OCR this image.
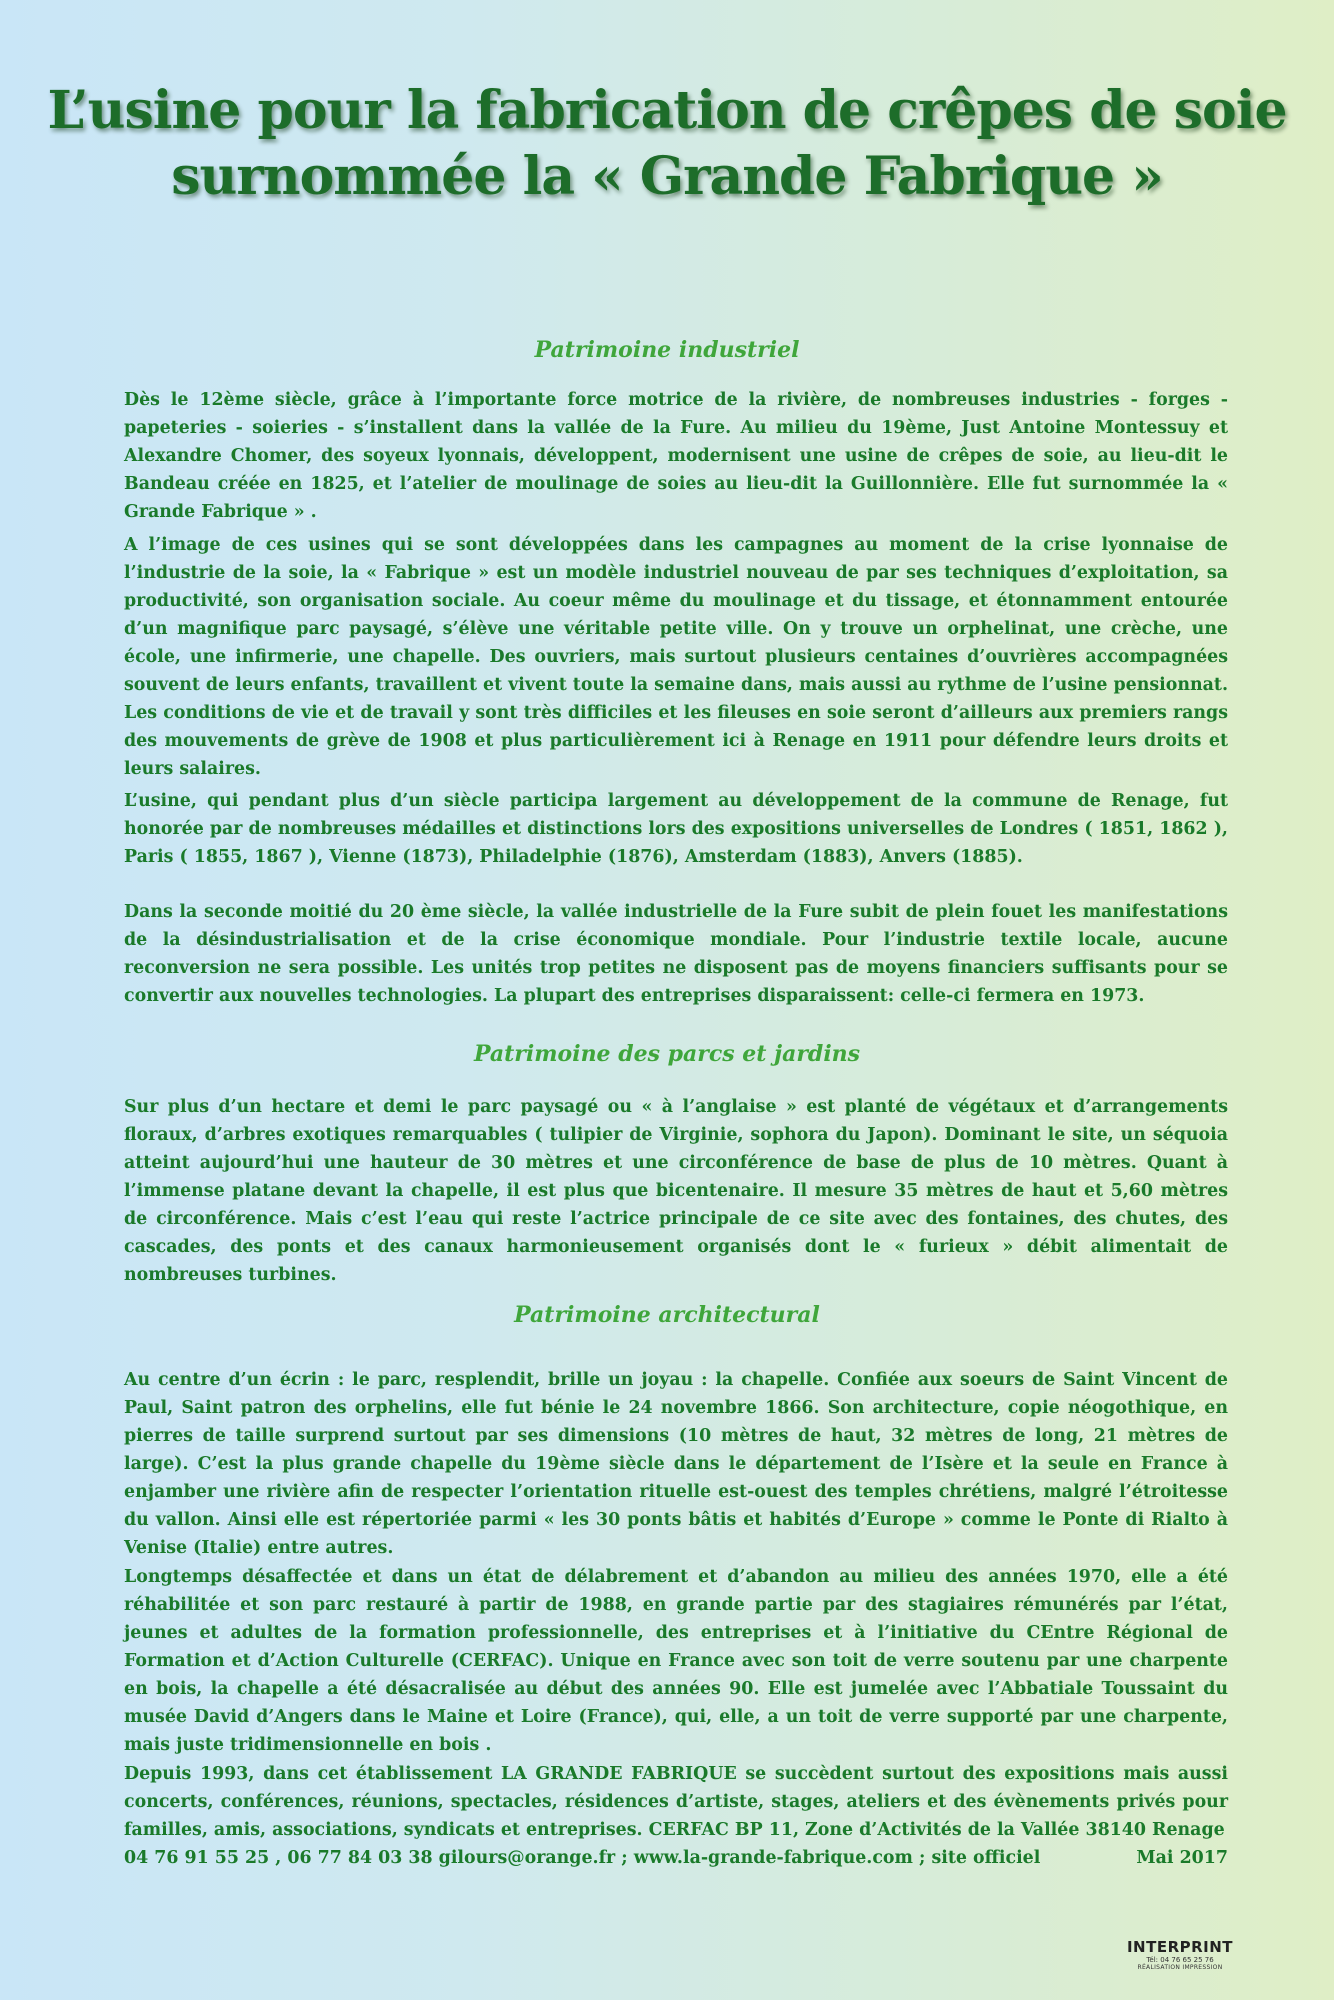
L’usine pour la fabrication de crêpes de soie
surnommée la « Grande Fabrique »
Patrimoine industriel

Dès le 12ème siècle, grâce à l’importante force motrice de la rivière, de nombreuses industries - forges - papeteries - soieries - s’installent dans la vallée de la Fure. Au milieu du 19ème, Just Antoine Montessuy et Alexandre Chomer, des soyeux lyonnais, développent, modernisent une usine de crêpes de soie, au lieu-dit le Bandeau créée en 1825, et l’atelier de moulinage de soies au lieu-dit la Guillonnière. Elle fut surnommée la « Grande Fabrique » .

A l’image de ces usines qui se sont développées dans les campagnes au moment de la crise lyonnaise de l’industrie de la soie, la « Fabrique » est un modèle industriel nouveau de par ses techniques d’exploitation, sa productivité, son organisation sociale. Au coeur même du moulinage et du tissage, et étonnamment entourée d’un magnifique parc paysagé, s’élève une véritable petite ville. On y trouve un orphelinat, une crèche, une école, une infirmerie, une chapelle. Des ouvriers, mais surtout plusieurs centaines d’ouvrières accompagnées souvent de leurs enfants, travaillent et vivent toute la semaine dans, mais aussi au rythme de l’usine pensionnat. Les conditions de vie et de travail y sont très difficiles et les fileuses en soie seront d’ailleurs aux premiers rangs des mouvements de grève de 1908 et plus particulièrement ici à Renage en 1911 pour défendre leurs droits et leurs salaires.

L’usine, qui pendant plus d’un siècle participa largement au développement de la commune de Renage, fut honorée par de nombreuses médailles et distinctions lors des expositions universelles de Londres ( 1851, 1862 ), Paris ( 1855, 1867 ), Vienne (1873), Philadelphie (1876), Amsterdam (1883), Anvers (1885).

Dans la seconde moitié du 20 ème siècle, la vallée industrielle de la Fure subit de plein fouet les manifestations de la désindustrialisation et de la crise économique mondiale. Pour l’industrie textile locale, aucune reconversion ne sera possible. Les unités trop petites ne disposent pas de moyens financiers suffisants pour se convertir aux nouvelles technologies. La plupart des entreprises disparaissent: celle-ci fermera en 1973.

Patrimoine des parcs et jardins

Sur plus d’un hectare et demi le parc paysagé ou « à l’anglaise » est planté de végétaux et d’arrangements floraux, d’arbres exotiques remarquables ( tulipier de Virginie, sophora du Japon). Dominant le site, un séquoia atteint aujourd’hui une hauteur de 30 mètres et une circonférence de base de plus de 10 mètres. Quant à l’immense platane devant la chapelle, il est plus que bicentenaire. Il mesure 35 mètres de haut et 5,60 mètres de circonférence. Mais c’est l’eau qui reste l’actrice principale de ce site avec des fontaines, des chutes, des cascades, des ponts et des canaux harmonieusement organisés dont le « furieux » débit alimentait de nombreuses turbines.

Patrimoine architectural

Au centre d’un écrin : le parc, resplendit, brille un joyau : la chapelle. Confiée aux soeurs de Saint Vincent de Paul, Saint patron des orphelins, elle fut bénie le 24 novembre 1866. Son architecture, copie néogothique, en pierres de taille surprend surtout par ses dimensions (10 mètres de haut, 32 mètres de long, 21 mètres de large). C’est la plus grande chapelle du 19ème siècle dans le département de l’Isère et la seule en France à enjamber une rivière afin de respecter l’orientation rituelle est-ouest des temples chrétiens, malgré l’étroitesse du vallon. Ainsi elle est répertoriée parmi « les 30 ponts bâtis et habités d’Europe » comme le Ponte di Rialto à Venise (Italie) entre autres.

Longtemps désaffectée et dans un état de délabrement et d’abandon au milieu des années 1970, elle a été réhabilitée et son parc restauré à partir de 1988, en grande partie par des stagiaires rémunérés par l’état, jeunes et adultes de la formation professionnelle, des entreprises et à l’initiative du CEntre Régional de Formation et d’Action Culturelle (CERFAC). Unique en France avec son toit de verre soutenu par une charpente en bois, la chapelle a été désacralisée au début des années 90. Elle est jumelée avec l’Abbatiale Toussaint du musée David d’Angers dans le Maine et Loire (France), qui, elle, a un toit de verre supporté par une charpente, mais juste tridimensionnelle en bois .

Depuis 1993, dans cet établissement LA GRANDE FABRIQUE se succèdent surtout des expositions mais aussi concerts, conférences, réunions, spectacles, résidences d’artiste, stages, ateliers et des évènements privés pour familles, amis, associations, syndicats et entreprises. CERFAC BP 11, Zone d’Activités de la Vallée 38140 Renage

04 76 91 55 25 , 06 77 84 03 38 gilours@orange.fr ; www.la-grande-fabrique.com ; site officiel	Mai 2017
INTERPRINT
Tél: 04 76 65 25 76
RÉALISATION IMPRESSION
